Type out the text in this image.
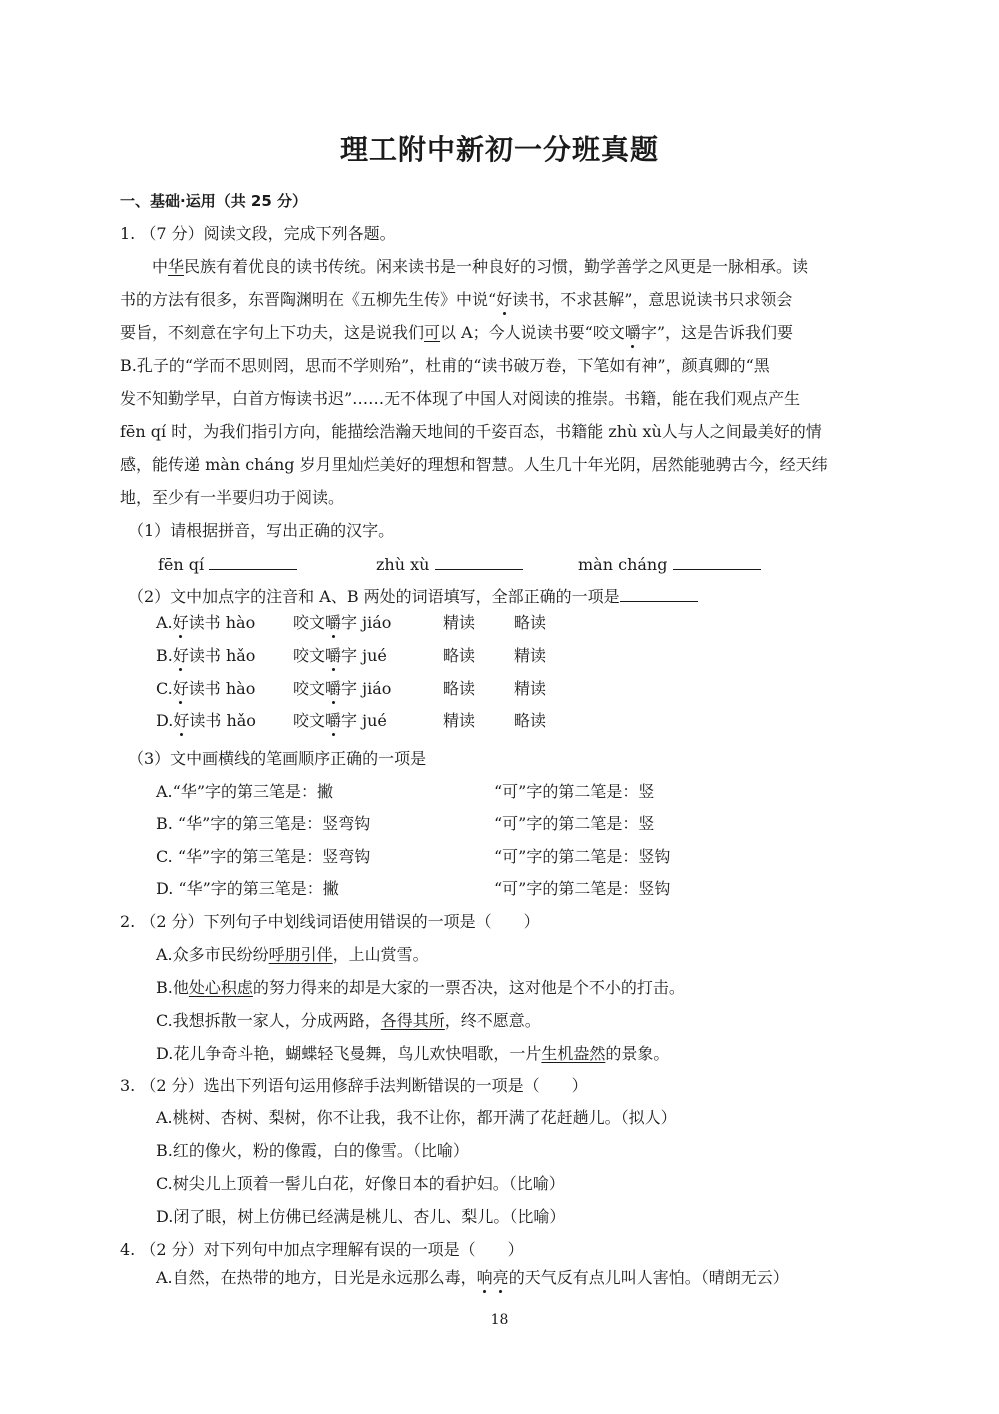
理工附中新初一分班真题
一、基础·运用（共 25 分）
1. （7 分）阅读文段，完成下列各题。
中华民族有着优良的读书传统。闲来读书是一种良好的习惯，勤学善学之风更是一脉相承。读
书的方法有很多，东晋陶渊明在《五柳先生传》中说“好读书，不求甚解”，意思说读书只求领会
要旨，不刻意在字句上下功夫，这是说我们可以 A；今人说读书要“咬文嚼字”，这是告诉我们要
B.孔子的“学而不思则罔，思而不学则殆”，杜甫的“读书破万卷，下笔如有神”，颜真卿的“黑
发不知勤学早，白首方悔读书迟”……无不体现了中国人对阅读的推崇。书籍，能在我们观点产生
fēn qí 时，为我们指引方向，能描绘浩瀚天地间的千姿百态，书籍能 zhù xù人与人之间最美好的情
感，能传递 màn cháng 岁月里灿烂美好的理想和智慧。人生几十年光阴，居然能驰骋古今，经天纬
地，至少有一半要归功于阅读。
（1）请根据拼音，写出正确的汉字。
fēn qí	zhù xù	màn cháng
（2）文中加点字的注音和 A、B 两处的词语填写，全部正确的一项是
A.好读书 hào 咬文嚼字 jiáo	精读 略读
B.好读书 hǎo 咬文嚼字 jué	略读 精读
C.好读书 hào 咬文嚼字 jiáo	略读 精读
D.好读书 hǎo 咬文嚼字 jué	精读 略读
（3）文中画横线的笔画顺序正确的一项是
A.“华”字的第三笔是：撇	“可”字的第二笔是：竖
B. “华”字的第三笔是：竖弯钩	“可”字的第二笔是：竖
C. “华”字的第三笔是：竖弯钩	“可”字的第二笔是：竖钩
D. “华”字的第三笔是：撇	“可”字的第二笔是：竖钩
2. （2 分）下列句子中划线词语使用错误的一项是（　　）
A.众多市民纷纷呼朋引伴，上山赏雪。
B.他处心积虑的努力得来的却是大家的一票否决，这对他是个不小的打击。
C.我想拆散一家人，分成两路，各得其所，终不愿意。
D.花儿争奇斗艳，蝴蝶轻飞曼舞，鸟儿欢快唱歌，一片生机盎然的景象。
3. （2 分）选出下列语句运用修辞手法判断错误的一项是（　　）
A.桃树、杏树、梨树，你不让我，我不让你，都开满了花赶趟儿。（拟人）
B.红的像火，粉的像霞，白的像雪。（比喻）
C.树尖儿上顶着一髻儿白花，好像日本的看护妇。（比喻）
D.闭了眼，树上仿佛已经满是桃儿、杏儿、梨儿。（比喻）
4. （2 分）对下列句中加点字理解有误的一项是（　　）
A.自然，在热带的地方，日光是永远那么毒，响亮的天气反有点儿叫人害怕。（晴朗无云）
18
